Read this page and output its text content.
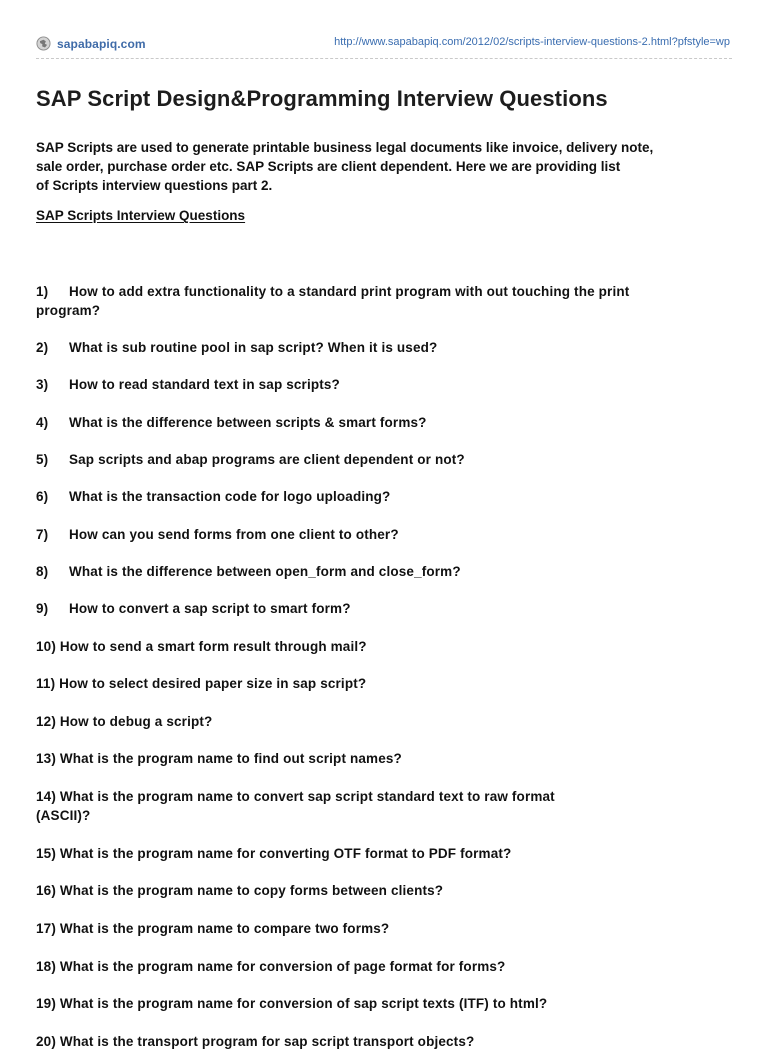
sapabapiq.com	http://www.sapabapiq.com/2012/02/scripts-interview-questions-2.html?pfstyle=wp
SAP Script Design&Programming Interview Questions

SAP Scripts are used to generate printable business legal documents like invoice, delivery note,
sale order, purchase order etc. SAP Scripts are client dependent. Here we are providing list
of Scripts interview questions part 2.

SAP Scripts Interview Questions
1) How to add extra functionality to a standard print program with out touching the print
program?
2) What is sub routine pool in sap script? When it is used?
3) How to read standard text in sap scripts?
4) What is the difference between scripts & smart forms?
5) Sap scripts and abap programs are client dependent or not?
6) What is the transaction code for logo uploading?
7) How can you send forms from one client to other?
8) What is the difference between open_form and close_form?
9) How to convert a sap script to smart form?
10) How to send a smart form result through mail?
11) How to select desired paper size in sap script?
12) How to debug a script?
13) What is the program name to find out script names?
14) What is the program name to convert sap script standard text to raw format
(ASCII)?
15) What is the program name for converting OTF format to PDF format?
16) What is the program name to copy forms between clients?
17) What is the program name to compare two forms?
18) What is the program name for conversion of page format for forms?
19) What is the program name for conversion of sap script texts (ITF) to html?
20) What is the transport program for sap script transport objects?
